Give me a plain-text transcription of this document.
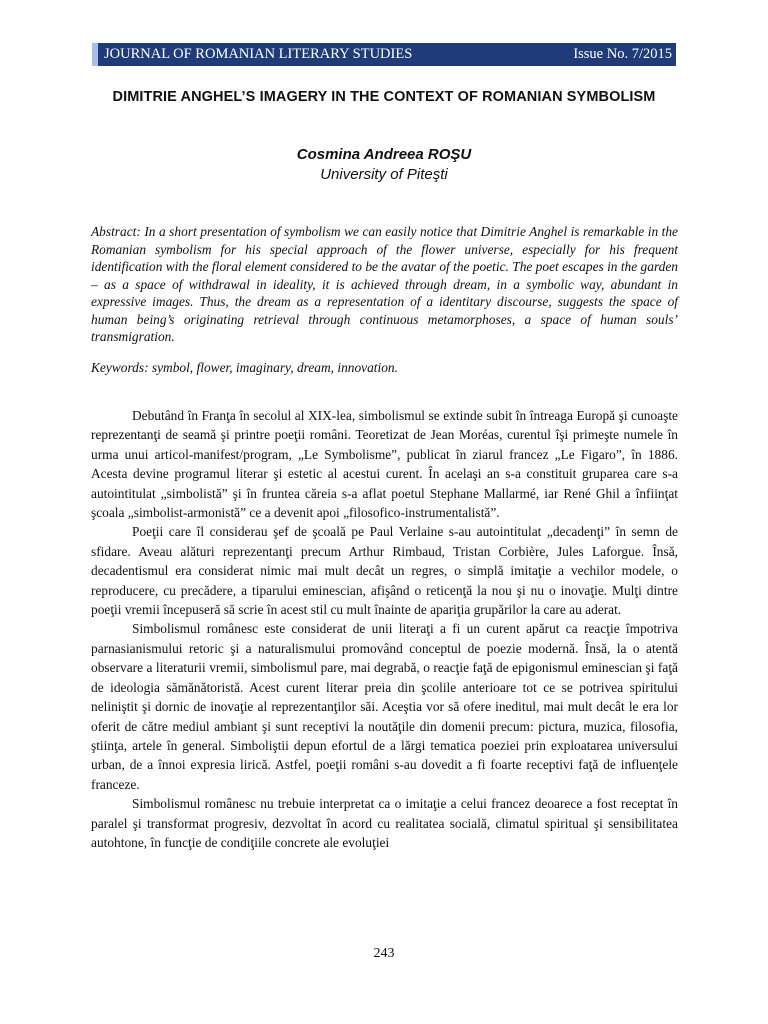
JOURNAL OF ROMANIAN LITERARY STUDIES	Issue No. 7/2015
DIMITRIE ANGHEL’S IMAGERY IN THE CONTEXT OF ROMANIAN SYMBOLISM
Cosmina Andreea ROŞU
University of Piteşti

Abstract: In a short presentation of symbolism we can easily notice that Dimitrie Anghel is remarkable in the Romanian symbolism for his special approach of the flower universe, especially for his frequent identification with the floral element considered to be the avatar of the poetic. The poet escapes in the garden – as a space of withdrawal in ideality, it is achieved through dream, in a symbolic way, abundant in expressive images. Thus, the dream as a representation of a identitary discourse, suggests the space of human being’s originating retrieval through continuous metamorphoses, a space of human souls’ transmigration.

Keywords: symbol, flower, imaginary, dream, innovation.

Debutând în Franţa în secolul al XIX-lea, simbolismul se extinde subit în întreaga Europă şi cunoaşte reprezentanţi de seamă şi printre poeţii români. Teoretizat de Jean Moréas, curentul îşi primeşte numele în urma unui articol-manifest/program, „Le Symbolisme”, publicat în ziarul francez „Le Figaro”, în 1886. Acesta devine programul literar şi estetic al acestui curent. În acelaşi an s-a constituit gruparea care s-a autointitulat „simbolistă” şi în fruntea căreia s-a aflat poetul Stephane Mallarmé, iar René Ghil a înfiinţat şcoala „simbolist-armonistă” ce a devenit apoi „filosofico-instrumentalistă”.

Poeţii care îl considerau şef de şcoală pe Paul Verlaine s-au autointitulat „decadenţi” în semn de sfidare. Aveau alături reprezentanţi precum Arthur Rimbaud, Tristan Corbière, Jules Laforgue. Însă, decadentismul era considerat nimic mai mult decât un regres, o simplă imitaţie a vechilor modele, o reproducere, cu precădere, a tiparului eminescian, afişând o reticenţă la nou şi nu o inovaţie. Mulţi dintre poeţii vremii începuseră să scrie în acest stil cu mult înainte de apariţia grupărilor la care au aderat.

Simbolismul românesc este considerat de unii literaţi a fi un curent apărut ca reacţie împotriva parnasianismului retoric şi a naturalismului promovând conceptul de poezie modernă. Însă, la o atentă observare a literaturii vremii, simbolismul pare, mai degrabă, o reacţie faţă de epigonismul eminescian şi faţă de ideologia sămănătoristă. Acest curent literar preia din şcolile anterioare tot ce se potrivea spiritului neliniştit şi dornic de inovaţie al reprezentanţilor săi. Aceştia vor să ofere ineditul, mai mult decât le era lor oferit de către mediul ambiant şi sunt receptivi la noutăţile din domenii precum: pictura, muzica, filosofia, ştiinţa, artele în general. Simboliştii depun efortul de a lărgi tematica poeziei prin exploatarea universului urban, de a înnoi expresia lirică. Astfel, poeţii români s-au dovedit a fi foarte receptivi faţă de influenţele franceze.

Simbolismul românesc nu trebuie interpretat ca o imitaţie a celui francez deoarece a fost receptat în paralel şi transformat progresiv, dezvoltat în acord cu realitatea socială, climatul spiritual şi sensibilitatea autohtone, în funcţie de condiţiile concrete ale evoluţiei

243
